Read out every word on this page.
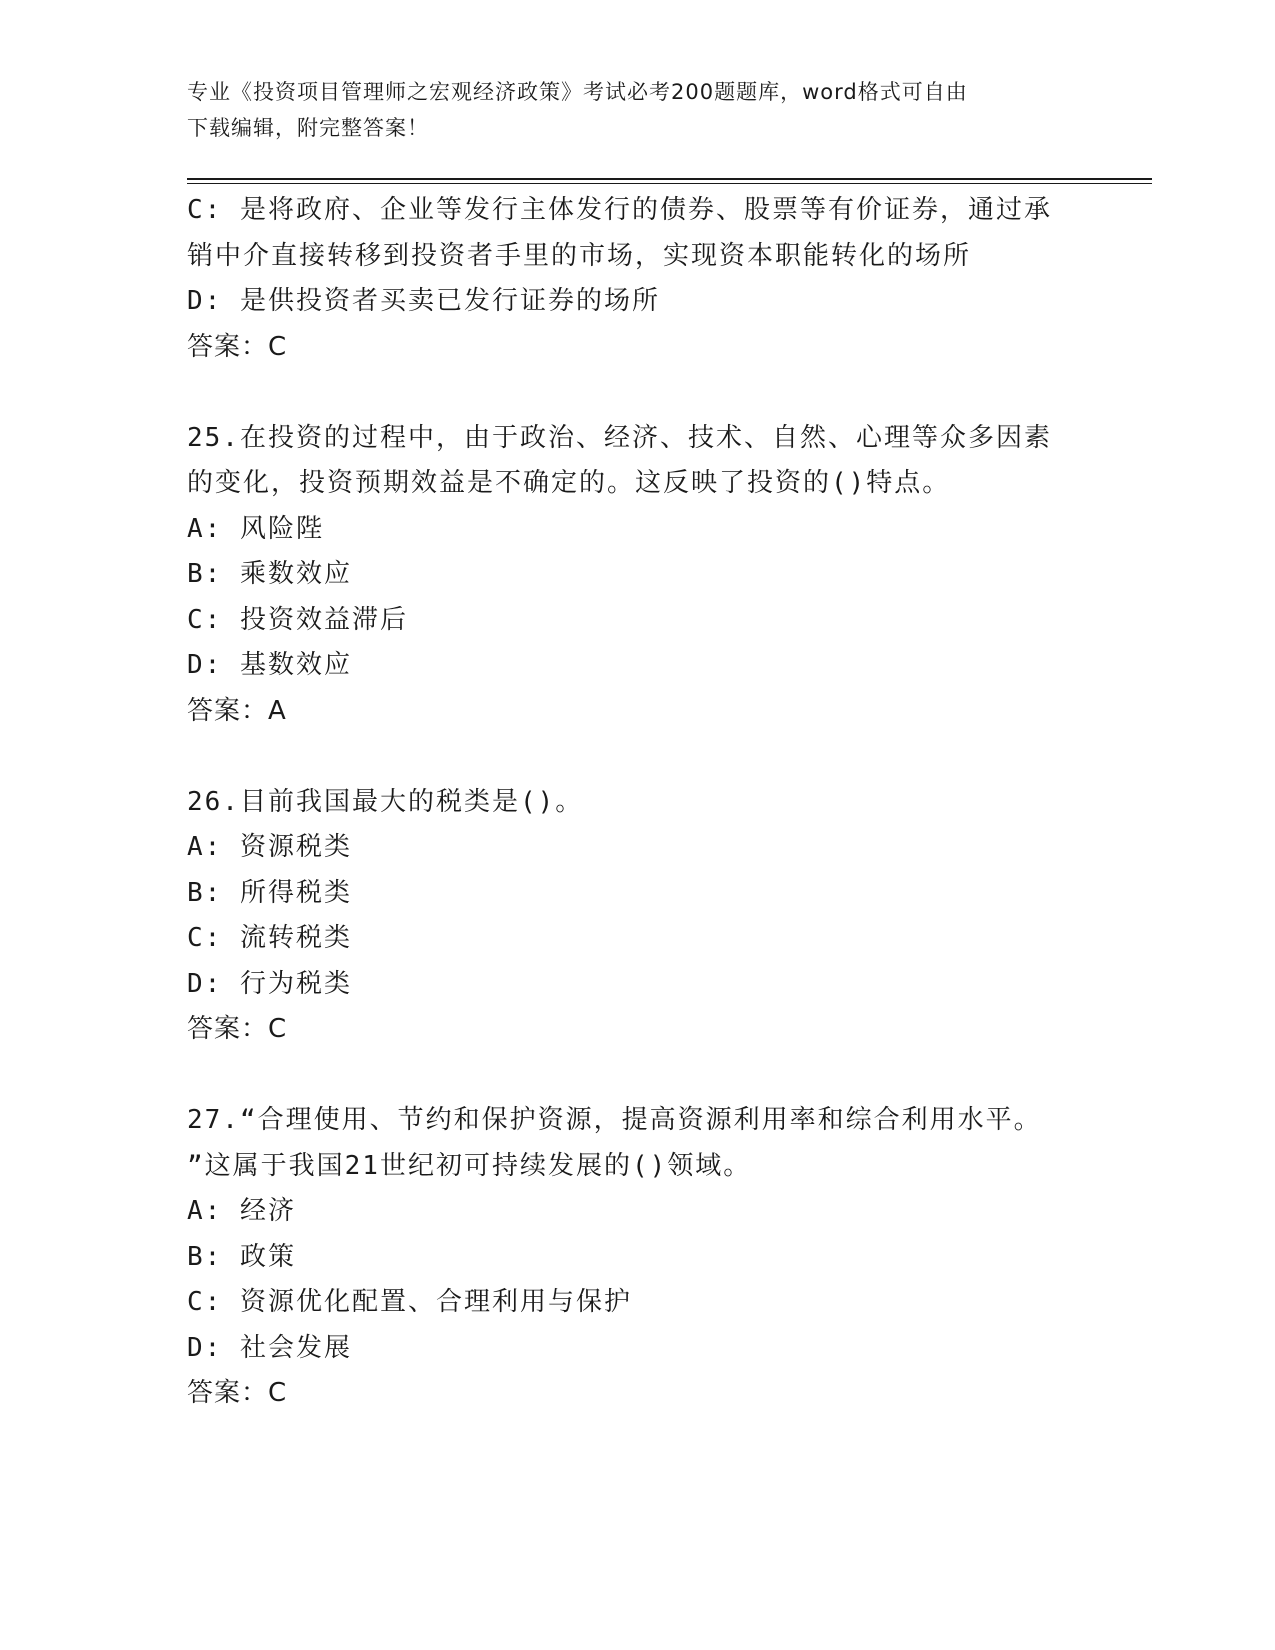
专业《投资项目管理师之宏观经济政策》考试必考200题题库，word格式可自由
下载编辑，附完整答案！
C: 是将政府、企业等发行主体发行的债券、股票等有价证券，通过承
销中介直接转移到投资者手里的市场，实现资本职能转化的场所
D: 是供投资者买卖已发行证券的场所
答案：C
25.在投资的过程中，由于政治、经济、技术、自然、心理等众多因素
的变化，投资预期效益是不确定的。这反映了投资的()特点。
A: 风险陛
B: 乘数效应
C: 投资效益滞后
D: 基数效应
答案：A
26.目前我国最大的税类是()。
A: 资源税类
B: 所得税类
C: 流转税类
D: 行为税类
答案：C
27.“合理使用、节约和保护资源，提高资源利用率和综合利用水平。
”这属于我国21世纪初可持续发展的()领域。
A: 经济
B: 政策
C: 资源优化配置、合理利用与保护
D: 社会发展
答案：C
